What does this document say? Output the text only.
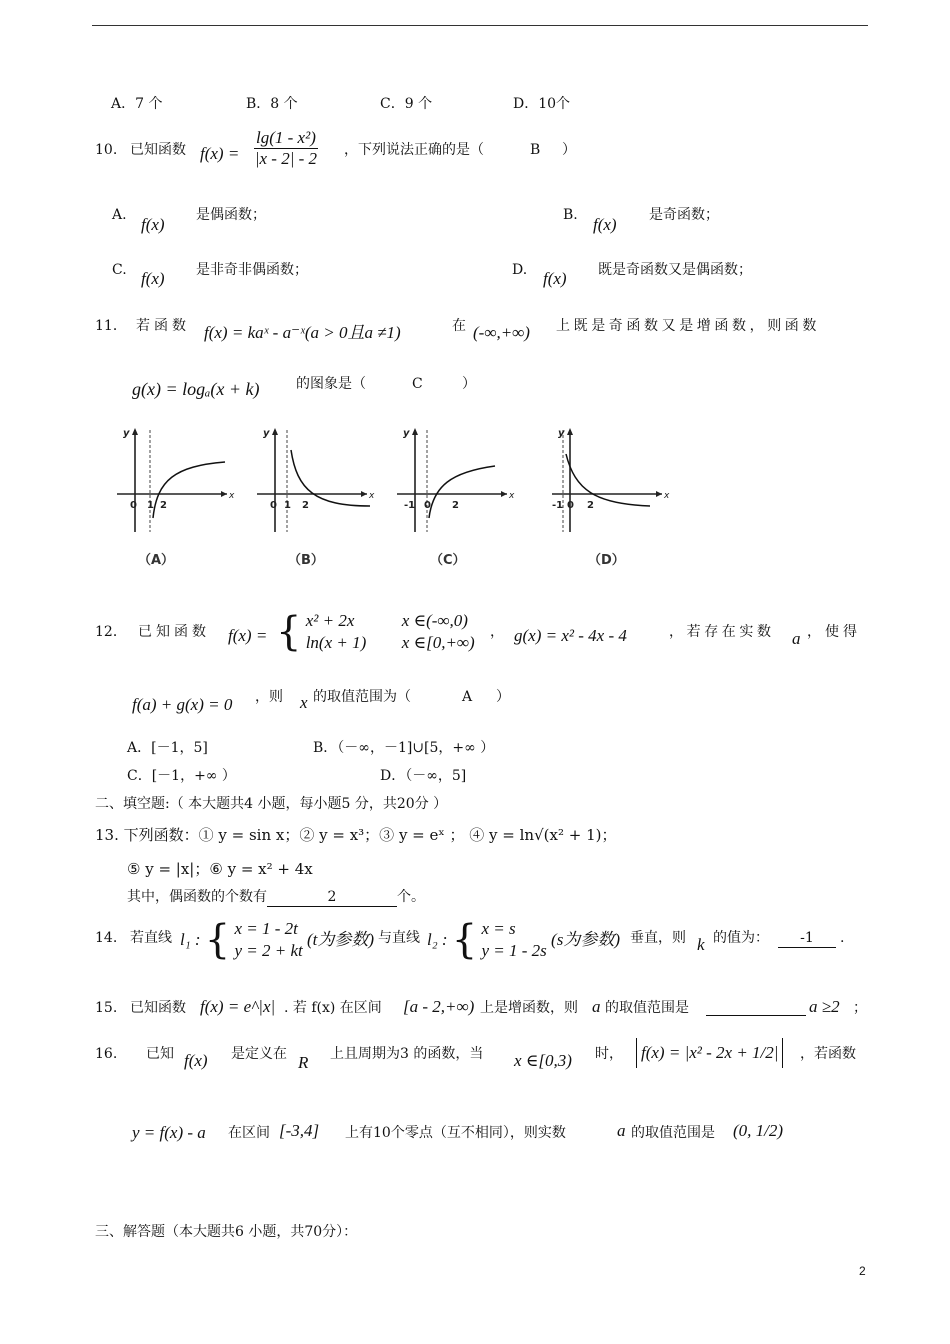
A．7 个	B．8 个	C．9 个	D．10个
10. 已知函数 $f(x) = \frac{\text{lg(1 - x²)}}{|x - 2| - 2}$ ，下列说法正确的是（	B ）
A. f(x) 是偶函数；	B. f(x) 是奇函数；
C. f(x) 是非奇非偶函数；	D. f(x) 既是奇函数又是偶函数；
11． 若函数 f(x) = kaˣ - a⁻ˣ(a > 0且a ≠1)	在 (-∞,+∞) 上既是奇函数又是增函数，则函数
g(x) = logₐ(x + k)	的图象是（	C	）
x
y
0 1 2
x
y
0 1 2
x
y
-1 0 2
x
y
-1 0 2
（A）	（B）	（C）	（D）
12． 已知函数 f(x) = { x² + 2x	x ∈(-∞,0)
ln(x + 1) x ∈[0,+∞)
， g(x) = x² - 4x - 4	，若存在实数 a ，使得
f(a) + g(x) = 0 ，则 x 的取值范围为（	A ）
A．[－1，5]	B．（－∞，－1]∪[5，+∞ ）
C．[－1，+∞ ）	D．（－∞，5]
二、填空题:（ 本大题共4 小题，每小题5 分，共20分 ）
13. 下列函数：① y = sin x；② y = x³；③ y = eˣ ； ④ y = ln√(x² + 1)；
⑤ y = |x|；⑥ y = x² + 4x
其中，偶函数的个数有	2	个。
14. 若直线 l₁ : { x = 1 - 2t
y = 2 + kt
(t为参数) 与直线 l₂ : { x = s
y = 1 - 2s
(s为参数) 垂直，则 k 的值为：	-1	.
15. 已知函数 f(x) = e^|x| . 若 f(x) 在区间 [a - 2,+∞) 上是增函数，则 a 的取值范围是	a ≥2 ；
16. 已知 f(x) 是定义在 R 上且周期为3 的函数，当 x ∈[0,3) 时， f(x) = |x² - 2x + 1/2|	，若函数
y = f(x) - a 在区间 [-3,4] 上有10个零点（互不相同），则实数	a 的取值范围是 (0, 1/2)
三、解答题（本大题共6 小题，共70分）：
2
